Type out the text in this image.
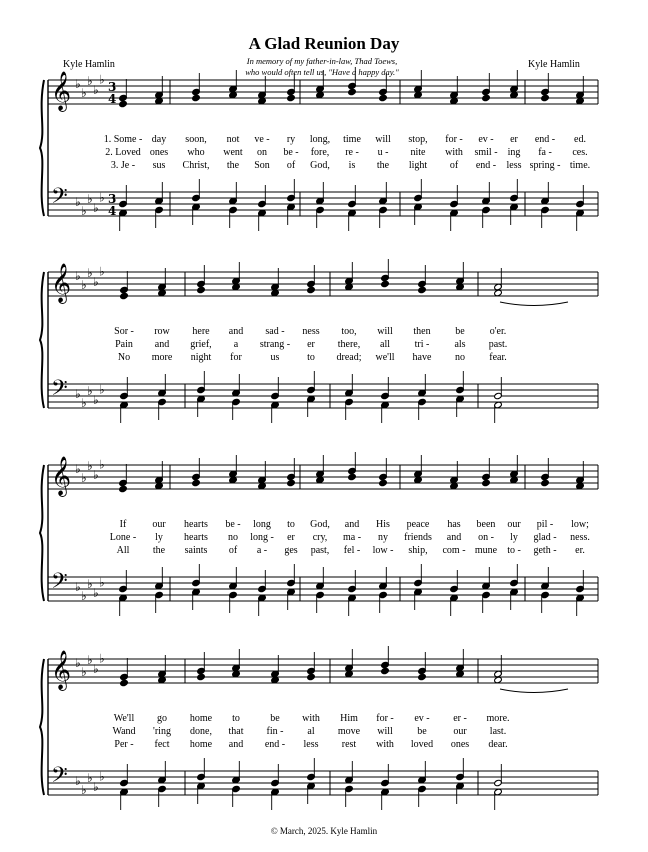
A Glad Reunion Day
Kyle Hamlin	Kyle Hamlin
In memory of my father-in-law, Thad Toews,
who would often tell us, "Have a happy day."
𝄞 ♭
♭
♭
♭
♭
3
4
𝄢 ♭
♭
♭
♭
♭ 3
4
𝄞 ♭
♭
♭
♭
♭
𝄢 ♭
♭
♭
♭
♭
𝄞 ♭
♭
♭
♭
♭
𝄢 ♭
♭
♭
♭
♭
𝄞 ♭
♭
♭
♭
♭
𝄢 ♭
♭
♭
♭
♭
1. Some - day soon, not ve - ry long, time will stop, for - ev - er end - ed.
2. Loved ones who went on be - fore, re - u - nite with smil - ing fa - ces.
3. Je - sus Christ, the Son of God, is the light of end - less spring - time.
Sor - row here and sad - ness too, will then be	o'er.
Pain and grief, a strang - er there, all tri -	als past.
No more night for	us	to dread; we'll have no fear.
If	our hearts be - long to God, and His peace has been our pil - low;
Lone - ly hearts no long - er cry, ma - ny friends and on - ly glad - ness.
All the saints of a - ges past, fel - low - ship, com - mune to - geth - er.
We'll go home to	be with Him for - ev - er - more.
Wand 'ring done, that fin - al move will be	our last.
Per - fect home and end - less rest with loved ones dear.
© March, 2025. Kyle Hamlin
